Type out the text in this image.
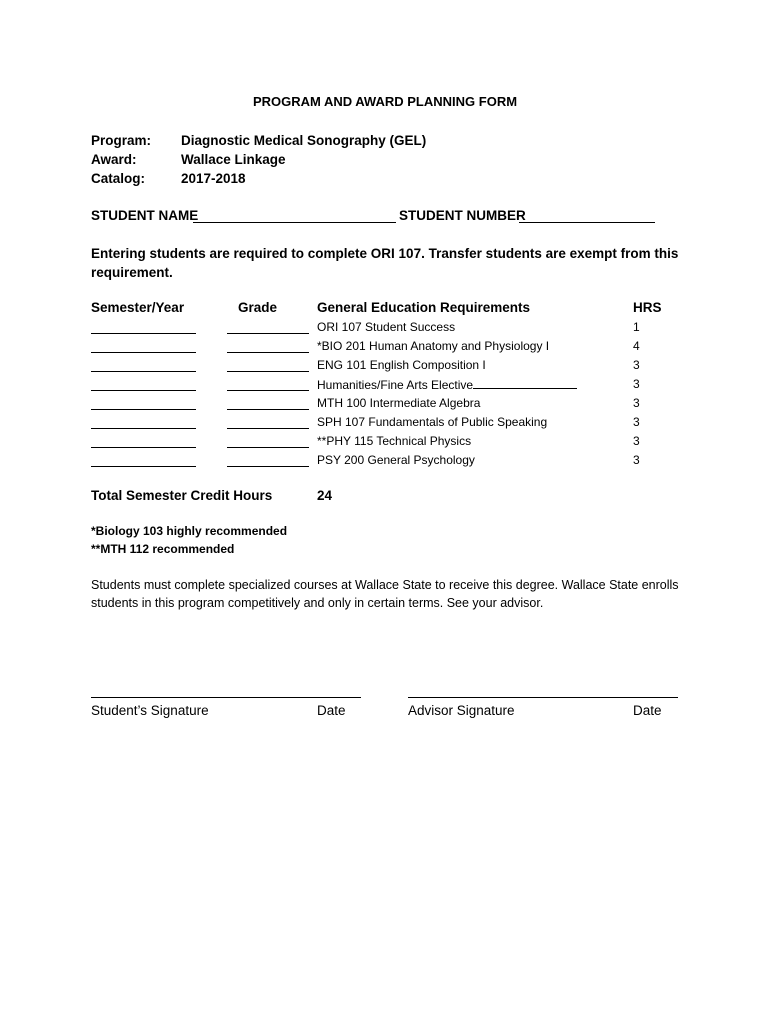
PROGRAM AND AWARD PLANNING FORM
Program: Diagnostic Medical Sonography (GEL)
Award:	Wallace Linkage
Catalog:	2017-2018
STUDENT NAME	STUDENT NUMBER
Entering students are required to complete ORI 107. Transfer students are exempt from this requirement.
Semester/Year	Grade	General Education Requirements	HRS
ORI 107 Student Success	1
*BIO 201 Human Anatomy and Physiology I	4
ENG 101 English Composition I	3
Humanities/Fine Arts Elective	3
MTH 100 Intermediate Algebra	3
SPH 107 Fundamentals of Public Speaking	3
**PHY 115 Technical Physics	3
PSY 200 General Psychology	3
Total Semester Credit Hours	24
*Biology 103 highly recommended
**MTH 112 recommended
Students must complete specialized courses at Wallace State to receive this degree. Wallace State enrolls students in this program competitively and only in certain terms. See your advisor.
Student’s Signature	Date	Advisor Signature	Date
